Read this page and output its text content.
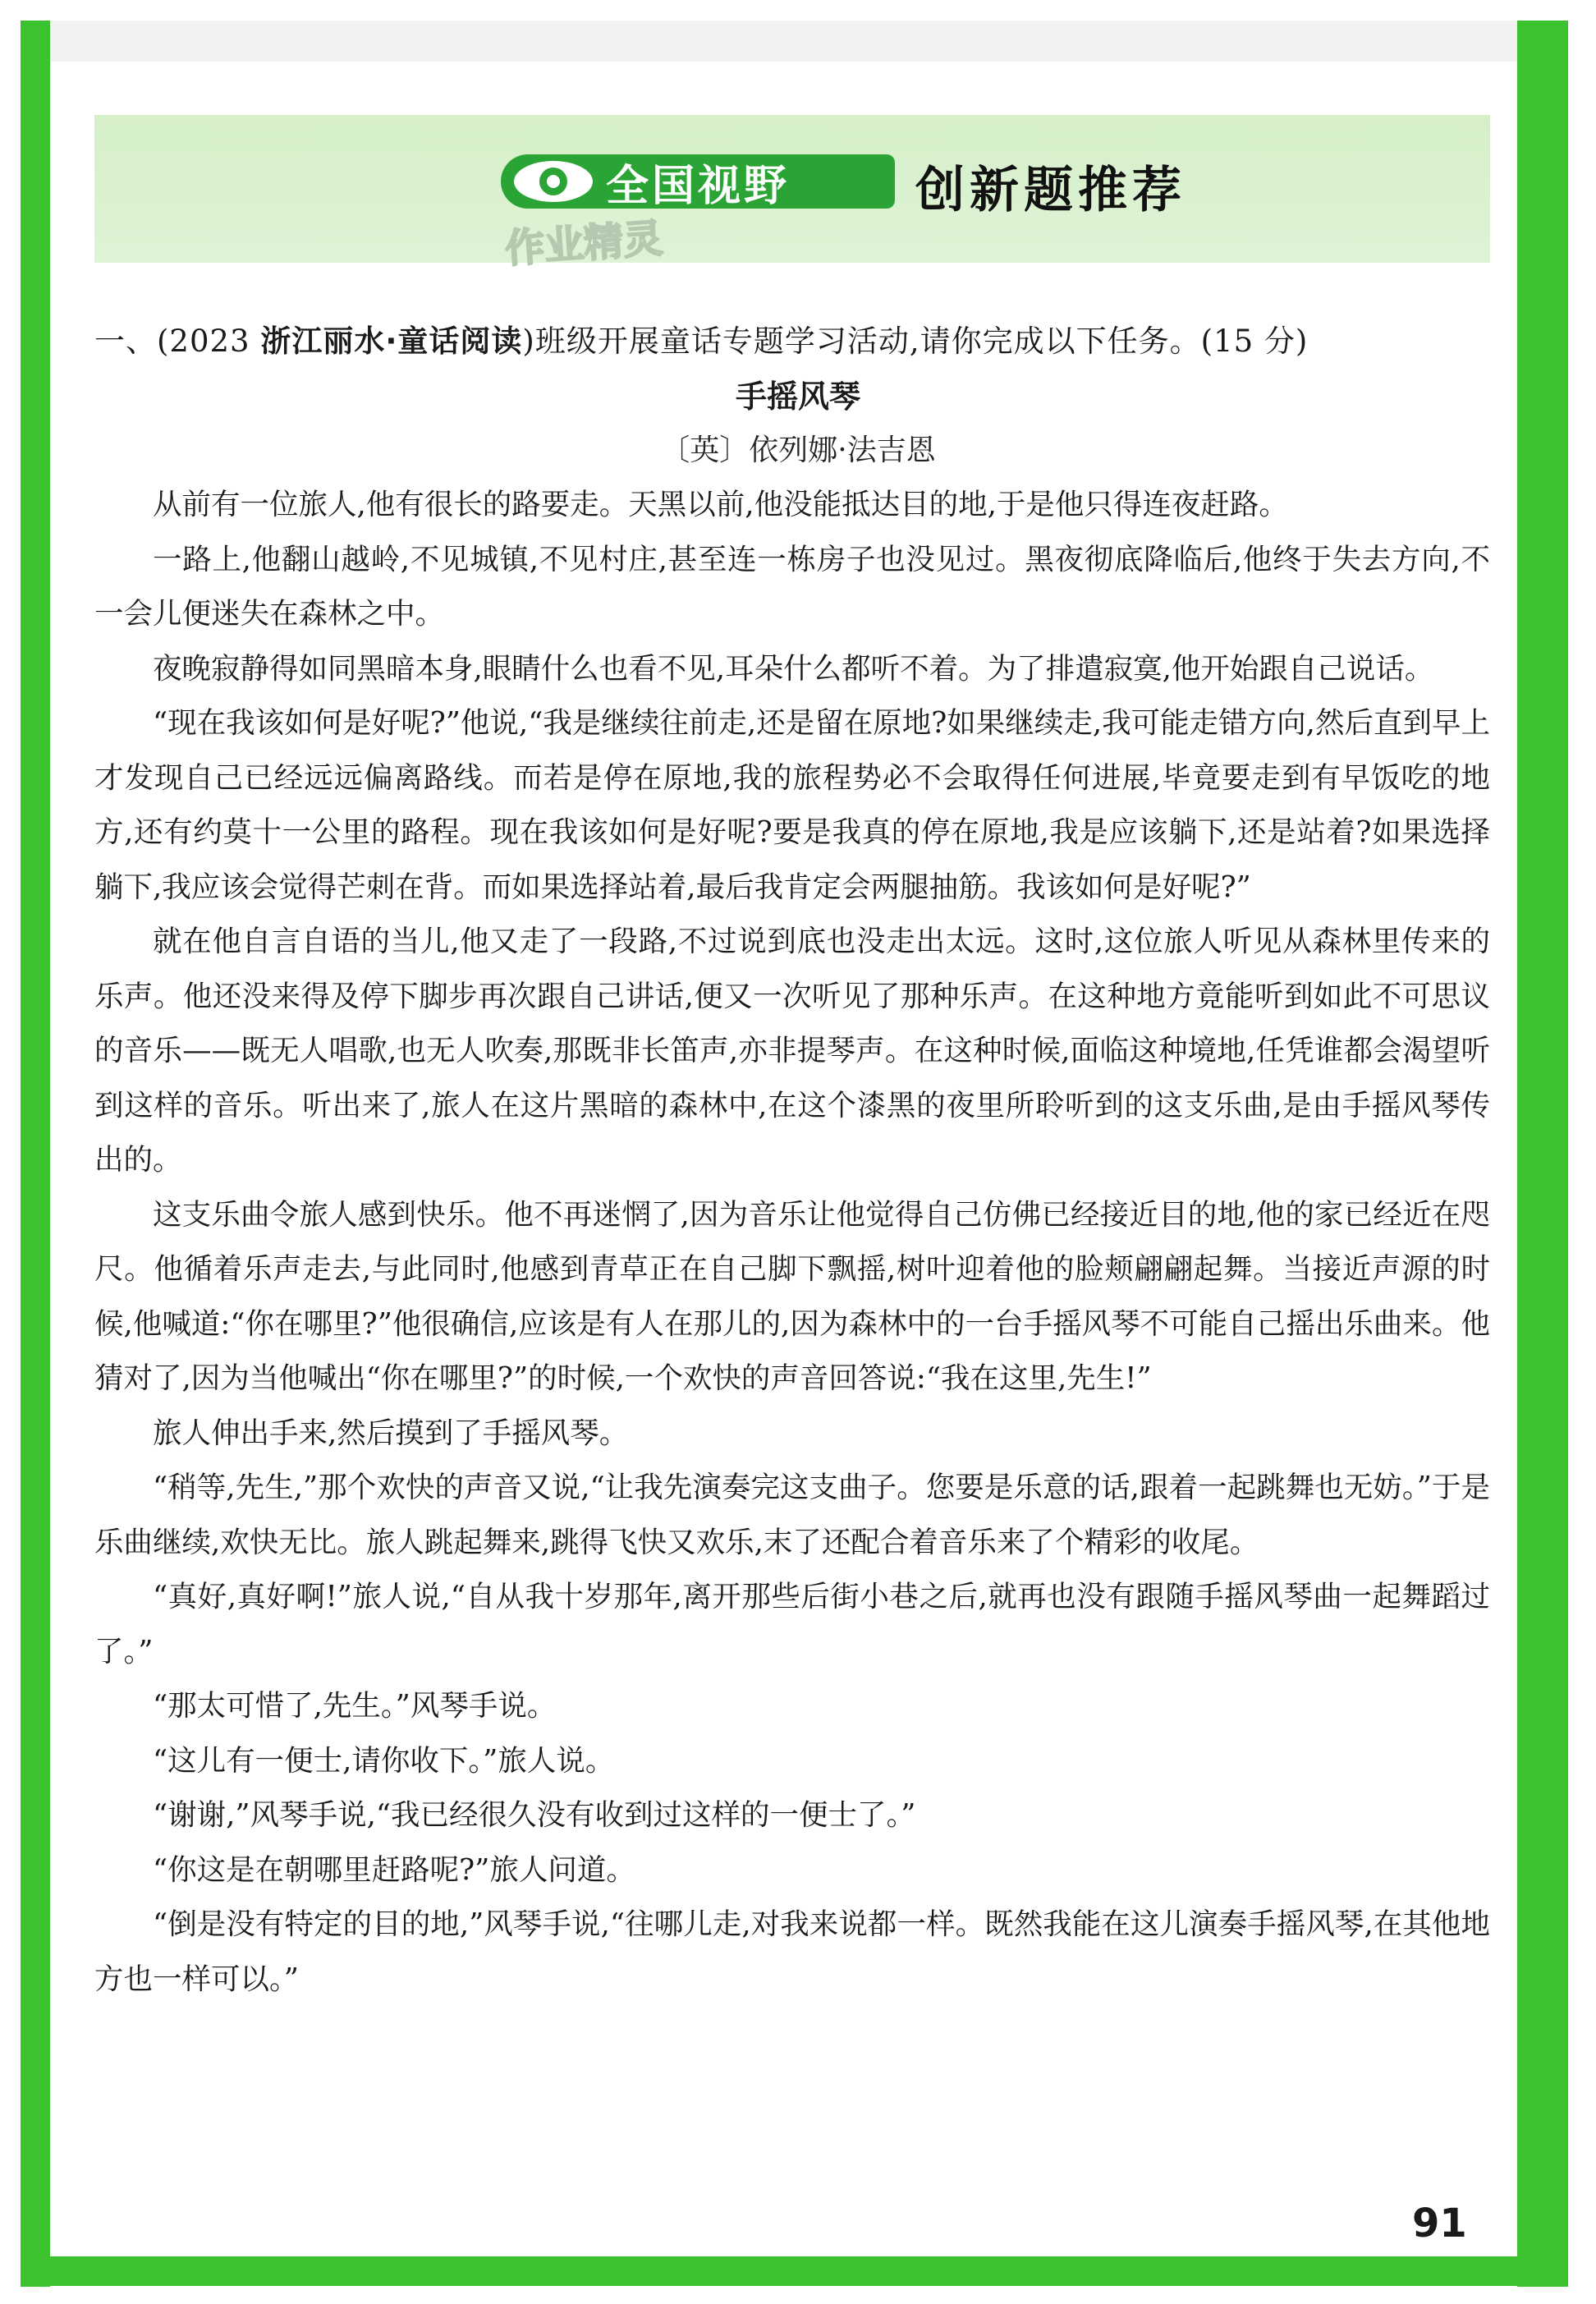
全国视野	创新题推荐
作业精灵
一、(2023 浙江丽水·童话阅读)班级开展童话专题学习活动,请你完成以下任务。(15 分)
手摇风琴
〔英〕依列娜·法吉恩

从前有一位旅人,他有很长的路要走。天黑以前,他没能抵达目的地,于是他只得连夜赶路。

一路上,他翻山越岭,不见城镇,不见村庄,甚至连一栋房子也没见过。黑夜彻底降临后,他终于失去方向,不一会儿便迷失在森林之中。

夜晚寂静得如同黑暗本身,眼睛什么也看不见,耳朵什么都听不着。为了排遣寂寞,他开始跟自己说话。

“现在我该如何是好呢?”他说,“我是继续往前走,还是留在原地?如果继续走,我可能走错方向,然后直到早上才发现自己已经远远偏离路线。而若是停在原地,我的旅程势必不会取得任何进展,毕竟要走到有早饭吃的地方,还有约莫十一公里的路程。现在我该如何是好呢?要是我真的停在原地,我是应该躺下,还是站着?如果选择躺下,我应该会觉得芒刺在背。而如果选择站着,最后我肯定会两腿抽筋。我该如何是好呢?”

就在他自言自语的当儿,他又走了一段路,不过说到底也没走出太远。这时,这位旅人听见从森林里传来的乐声。他还没来得及停下脚步再次跟自己讲话,便又一次听见了那种乐声。在这种地方竟能听到如此不可思议的音乐——既无人唱歌,也无人吹奏,那既非长笛声,亦非提琴声。在这种时候,面临这种境地,任凭谁都会渴望听到这样的音乐。听出来了,旅人在这片黑暗的森林中,在这个漆黑的夜里所聆听到的这支乐曲,是由手摇风琴传出的。

这支乐曲令旅人感到快乐。他不再迷惘了,因为音乐让他觉得自己仿佛已经接近目的地,他的家已经近在咫尺。他循着乐声走去,与此同时,他感到青草正在自己脚下飘摇,树叶迎着他的脸颊翩翩起舞。当接近声源的时候,他喊道:“你在哪里?”他很确信,应该是有人在那儿的,因为森林中的一台手摇风琴不可能自己摇出乐曲来。他猜对了,因为当他喊出“你在哪里?”的时候,一个欢快的声音回答说:“我在这里,先生!”

旅人伸出手来,然后摸到了手摇风琴。

“稍等,先生,”那个欢快的声音又说,“让我先演奏完这支曲子。您要是乐意的话,跟着一起跳舞也无妨。”于是乐曲继续,欢快无比。旅人跳起舞来,跳得飞快又欢乐,末了还配合着音乐来了个精彩的收尾。

“真好,真好啊!”旅人说,“自从我十岁那年,离开那些后街小巷之后,就再也没有跟随手摇风琴曲一起舞蹈过了。”

“那太可惜了,先生。”风琴手说。

“这儿有一便士,请你收下。”旅人说。

“谢谢,”风琴手说,“我已经很久没有收到过这样的一便士了。”

“你这是在朝哪里赶路呢?”旅人问道。

“倒是没有特定的目的地,”风琴手说,“往哪儿走,对我来说都一样。既然我能在这儿演奏手摇风琴,在其他地方也一样可以。”

91
